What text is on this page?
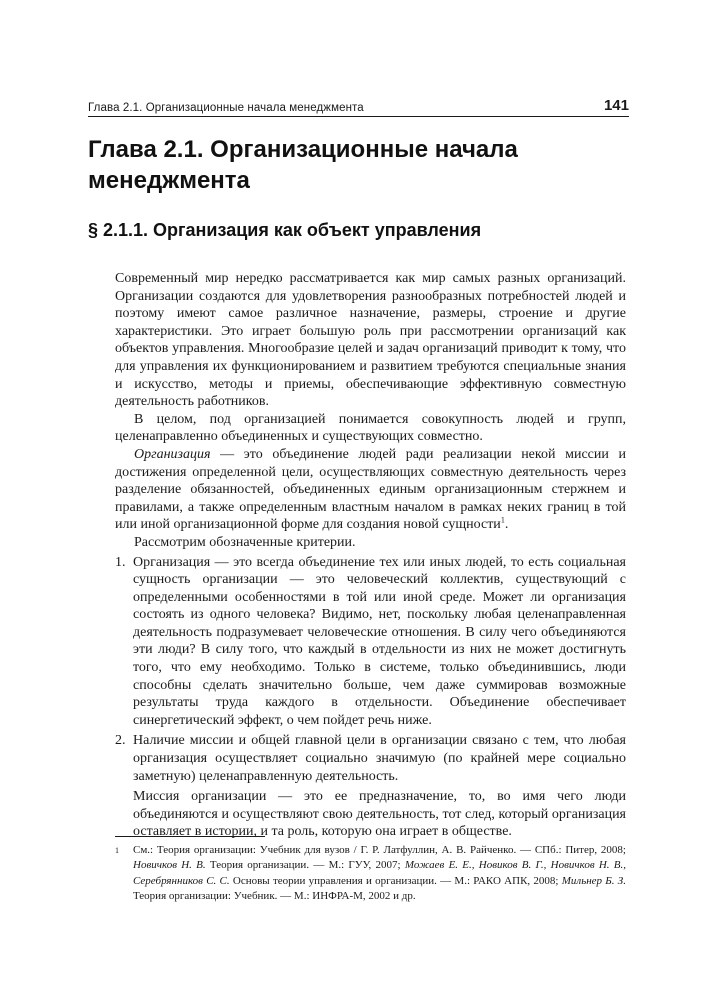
Глава 2.1. Организационные начала менеджмента	141
Глава 2.1. Организационные начала менеджмента
§ 2.1.1. Организация как объект управления

Современный мир нередко рассматривается как мир самых разных организаций. Организации создаются для удовлетворения разнообразных потребностей людей и поэтому имеют самое различное назначение, размеры, строение и другие характеристики. Это играет большую роль при рассмотрении организаций как объектов управления. Многообразие целей и задач организаций приводит к тому, что для управления их функционированием и развитием требуются специальные знания и искусство, методы и приемы, обеспечивающие эффективную совместную деятельность работников.

В целом, под организацией понимается совокупность людей и групп, целенаправленно объединенных и существующих совместно.

Организация — это объединение людей ради реализации некой миссии и достижения определенной цели, осуществляющих совместную деятельность через разделение обязанностей, объединенных единым организационным стержнем и правилами, а также определенным властным началом в рамках неких границ в той или иной организационной форме для создания новой сущности$^1$.

Рассмотрим обозначенные критерии.

1. Организация — это всегда объединение тех или иных людей, то есть социальная сущность организации — это человеческий коллектив, существующий с определенными особенностями в той или иной среде. Может ли организация состоять из одного человека? Видимо, нет, поскольку любая целенаправленная деятельность подразумевает человеческие отношения. В силу чего объединяются эти люди? В силу того, что каждый в отдельности из них не может достигнуть того, что ему необходимо. Только в системе, только объединившись, люди способны сделать значительно больше, чем даже суммировав возможные результаты труда каждого в отдельности. Объединение обеспечивает синергетический эффект, о чем пойдет речь ниже.
2. Наличие миссии и общей главной цели в организации связано с тем, что любая организация осуществляет социально значимую (по крайней мере социально заметную) целенаправленную деятельность.

Миссия организации — это ее предназначение, то, во имя чего люди объединяются и осуществляют свою деятельность, тот след, который организация оставляет в истории, и та роль, которую она играет в обществе.

1	См.: Теория организации: Учебник для вузов / Г. Р. Латфуллин, А. В. Райченко. — СПб.: Питер, 2008; Новичков Н. В. Теория организации. — М.: ГУУ, 2007; Можаев Е. Е., Новиков В. Г., Новичков Н. В., Серебрянников С. С. Основы теории управления и организации. — М.: РАКО АПК, 2008; Мильнер Б. З. Теория организации: Учебник. — М.: ИНФРА-М, 2002 и др.
